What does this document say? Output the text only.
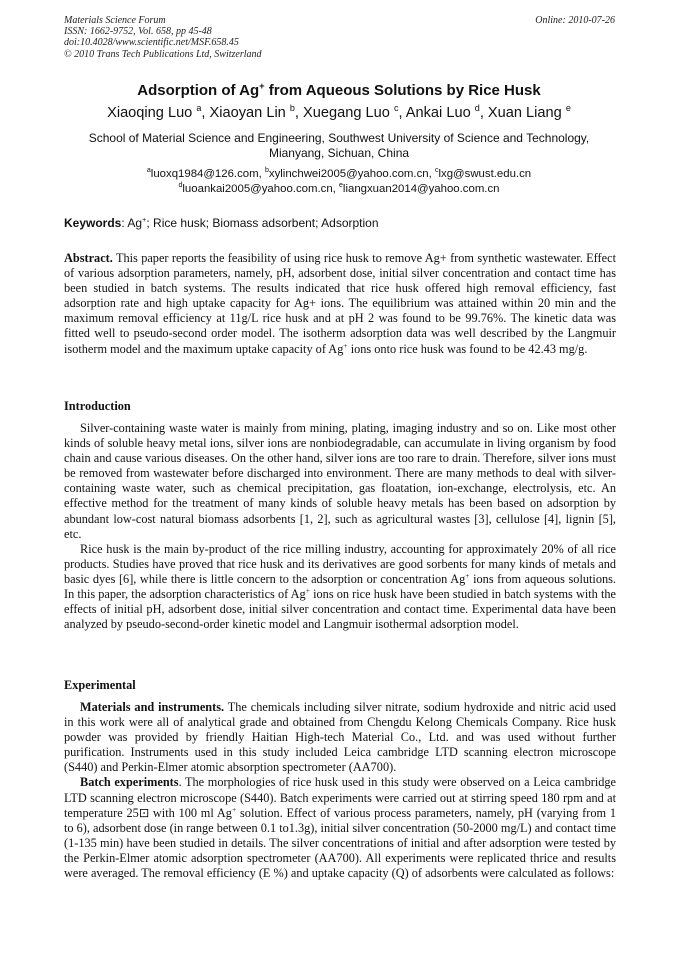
Materials Science Forum
ISSN: 1662-9752, Vol. 658, pp 45-48
doi:10.4028/www.scientific.net/MSF.658.45
© 2010 Trans Tech Publications Ltd, Switzerland
Online: 2010-07-26
Adsorption of Ag+ from Aqueous Solutions by Rice Husk
Xiaoqing Luo $^a$, Xiaoyan Lin $^b$, Xuegang Luo $^c$, Ankai Luo $^d$, Xuan Liang $^e$
School of Material Science and Engineering, Southwest University of Science and Technology, Mianyang, Sichuan, China
$^a$luoxq1984@126.com, $^b$xylinchwei2005@yahoo.com.cn, $^c$lxg@swust.edu.cn
$^d$luoankai2005@yahoo.com.cn, $^e$liangxuan2014@yahoo.com.cn
Keywords: Ag+; Rice husk; Biomass adsorbent; Adsorption

Abstract. This paper reports the feasibility of using rice husk to remove Ag+ from synthetic wastewater. Effect of various adsorption parameters, namely, pH, adsorbent dose, initial silver concentration and contact time has been studied in batch systems. The results indicated that rice husk offered high removal efficiency, fast adsorption rate and high uptake capacity for Ag+ ions. The equilibrium was attained within 20 min and the maximum removal efficiency at 11g/L rice husk and at pH 2 was found to be 99.76%. The kinetic data was fitted well to pseudo-second order model. The isotherm adsorption data was well described by the Langmuir isotherm model and the maximum uptake capacity of Ag+ ions onto rice husk was found to be 42.43 mg/g.

Introduction

Silver-containing waste water is mainly from mining, plating, imaging industry and so on. Like most other kinds of soluble heavy metal ions, silver ions are nonbiodegradable, can accumulate in living organism by food chain and cause various diseases. On the other hand, silver ions are too rare to drain. Therefore, silver ions must be removed from wastewater before discharged into environment. There are many methods to deal with silver-containing waste water, such as chemical precipitation, gas floatation, ion-exchange, electrolysis, etc. An effective method for the treatment of many kinds of soluble heavy metals has been based on adsorption by abundant low-cost natural biomass adsorbents [1, 2], such as agricultural wastes [3], cellulose [4], lignin [5], etc.

Rice husk is the main by-product of the rice milling industry, accounting for approximately 20% of all rice products. Studies have proved that rice husk and its derivatives are good sorbents for many kinds of metals and basic dyes [6], while there is little concern to the adsorption or concentration Ag+ ions from aqueous solutions. In this paper, the adsorption characteristics of Ag+ ions on rice husk have been studied in batch systems with the effects of initial pH, adsorbent dose, initial silver concentration and contact time. Experimental data have been analyzed by pseudo-second-order kinetic model and Langmuir isothermal adsorption model.

Experimental

Materials and instruments. The chemicals including silver nitrate, sodium hydroxide and nitric acid used in this work were all of analytical grade and obtained from Chengdu Kelong Chemicals Company. Rice husk powder was provided by friendly Haitian High-tech Material Co., Ltd. and was used without further purification. Instruments used in this study included Leica cambridge LTD scanning electron microscope (S440) and Perkin-Elmer atomic absorption spectrometer (AA700).

Batch experiments. The morphologies of rice husk used in this study were observed on a Leica cambridge LTD scanning electron microscope (S440). Batch experiments were carried out at stirring speed 180 rpm and at temperature 25⊡ with 100 ml Ag+ solution. Effect of various process parameters, namely, pH (varying from 1 to 6), adsorbent dose (in range between 0.1 to1.3g), initial silver concentration (50-2000 mg/L) and contact time (1-135 min) have been studied in details. The silver concentrations of initial and after adsorption were tested by the Perkin-Elmer atomic adsorption spectrometer (AA700). All experiments were replicated thrice and results were averaged. The removal efficiency (E %) and uptake capacity (Q) of adsorbents were calculated as follows:
